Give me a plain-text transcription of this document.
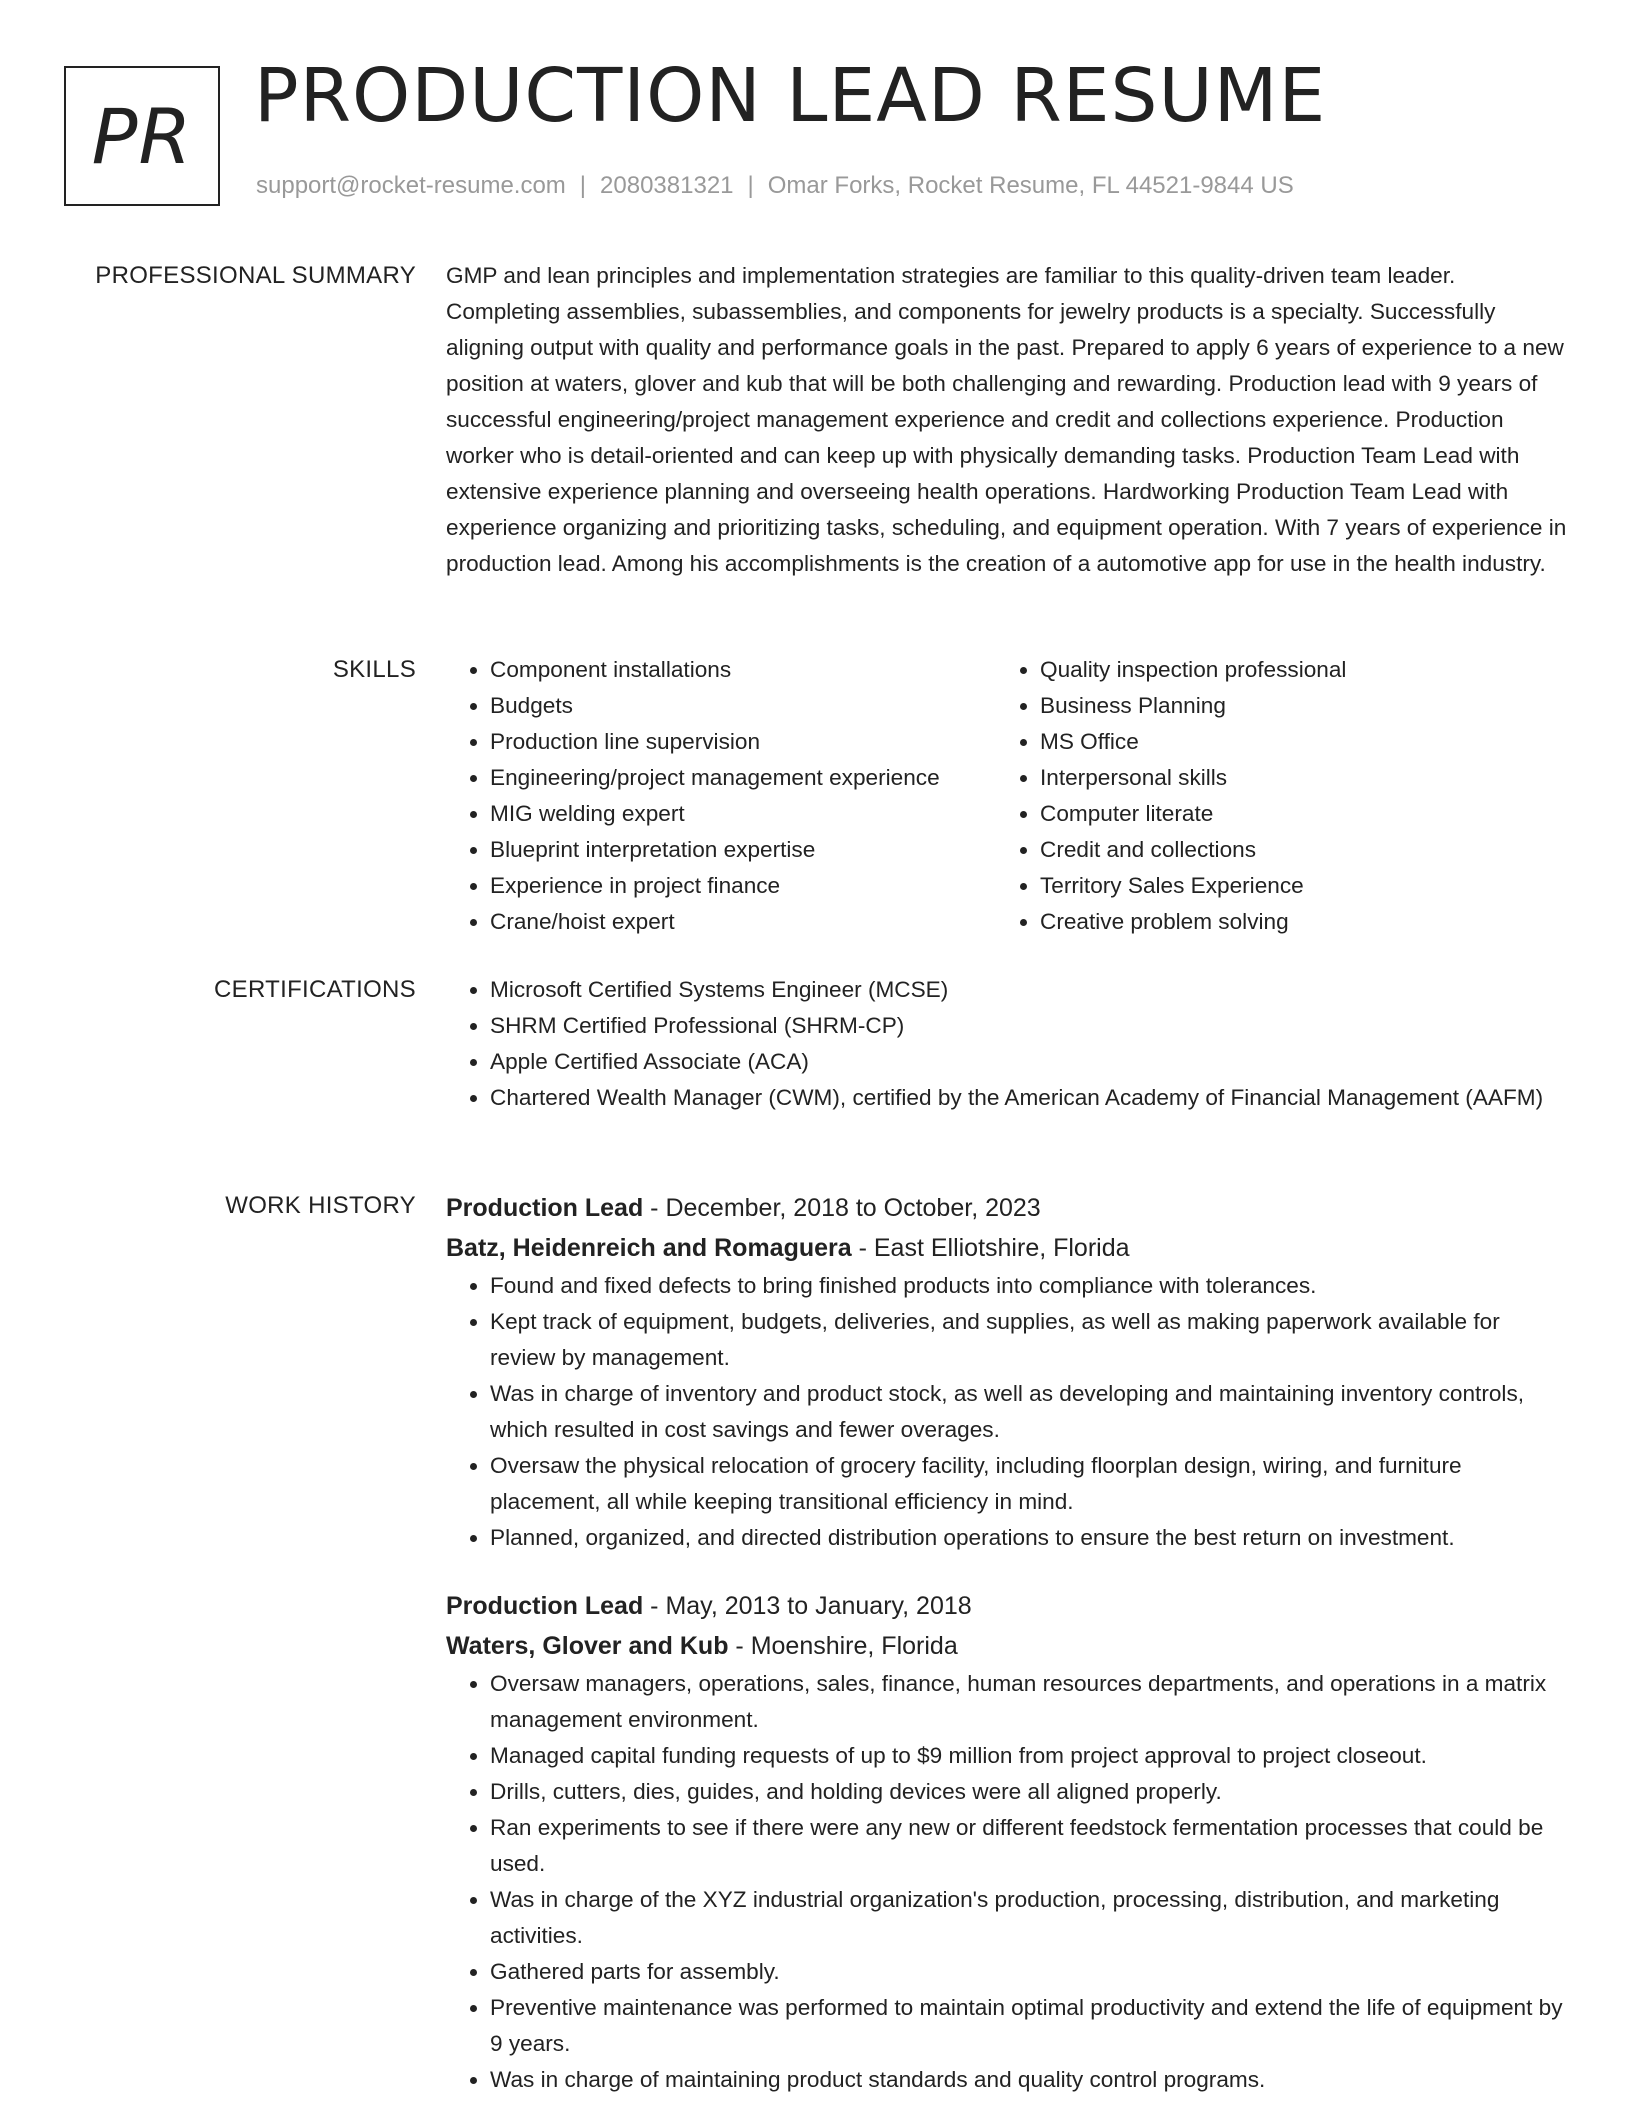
PR PRODUCTION LEAD RESUME
support@rocket-resume.com | 2080381321 | Omar Forks, Rocket Resume, FL 44521-9844 US
PROFESSIONAL SUMMARY GMP and lean principles and implementation strategies are familiar to this quality-driven team leader. Completing assemblies, subassemblies, and components for jewelry products is a specialty. Successfully aligning output with quality and performance goals in the past. Prepared to apply 6 years of experience to a new position at waters, glover and kub that will be both challenging and rewarding. Production lead with 9 years of successful engineering/project management experience and credit and collections experience. Production worker who is detail-oriented and can keep up with physically demanding tasks. Production Team Lead with extensive experience planning and overseeing health operations. Hardworking Production Team Lead with experience organizing and prioritizing tasks, scheduling, and equipment operation. With 7 years of experience in production lead. Among his accomplishments is the creation of a automotive app for use in the health industry.

SKILLS	• Component installations
• Budgets
• Production line supervision
• Engineering/project management experience
• MIG welding expert
• Blueprint interpretation expertise
• Experience in project finance
• Crane/hoist expert
• Quality inspection professional
• Business Planning
• MS Office
• Interpersonal skills
• Computer literate
• Credit and collections
• Territory Sales Experience
• Creative problem solving
CERTIFICATIONS	• Microsoft Certified Systems Engineer (MCSE)
• SHRM Certified Professional (SHRM-CP)
• Apple Certified Associate (ACA)
• Chartered Wealth Manager (CWM), certified by the American Academy of Financial Management (AAFM)
WORK HISTORY Production Lead - December, 2018 to October, 2023
Batz, Heidenreich and Romaguera - East Elliotshire, Florida
• Found and fixed defects to bring finished products into compliance with tolerances.
• Kept track of equipment, budgets, deliveries, and supplies, as well as making paperwork available for review by management.
• Was in charge of inventory and product stock, as well as developing and maintaining inventory controls, which resulted in cost savings and fewer overages.
• Oversaw the physical relocation of grocery facility, including floorplan design, wiring, and furniture placement, all while keeping transitional efficiency in mind.
• Planned, organized, and directed distribution operations to ensure the best return on investment.
Production Lead - May, 2013 to January, 2018
Waters, Glover and Kub - Moenshire, Florida
• Oversaw managers, operations, sales, finance, human resources departments, and operations in a matrix management environment.
• Managed capital funding requests of up to $9 million from project approval to project closeout.
• Drills, cutters, dies, guides, and holding devices were all aligned properly.
• Ran experiments to see if there were any new or different feedstock fermentation processes that could be used.
• Was in charge of the XYZ industrial organization's production, processing, distribution, and marketing activities.
• Gathered parts for assembly.
• Preventive maintenance was performed to maintain optimal productivity and extend the life of equipment by 9 years.
• Was in charge of maintaining product standards and quality control programs.
